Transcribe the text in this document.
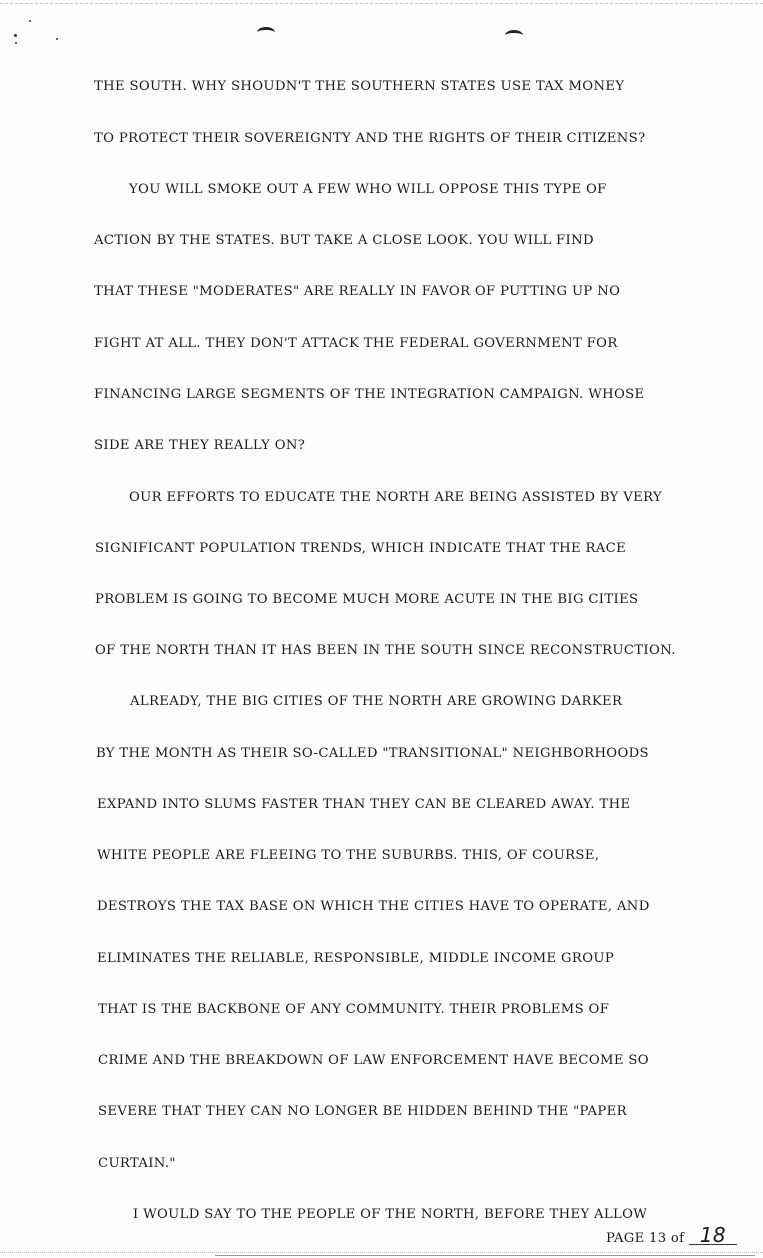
THE SOUTH. WHY SHOUDN'T THE SOUTHERN STATES USE TAX MONEY
TO PROTECT THEIR SOVEREIGNTY AND THE RIGHTS OF THEIR CITIZENS?
YOU WILL SMOKE OUT A FEW WHO WILL OPPOSE THIS TYPE OF
ACTION BY THE STATES. BUT TAKE A CLOSE LOOK. YOU WILL FIND
THAT THESE "MODERATES" ARE REALLY IN FAVOR OF PUTTING UP NO
FIGHT AT ALL. THEY DON'T ATTACK THE FEDERAL GOVERNMENT FOR
FINANCING LARGE SEGMENTS OF THE INTEGRATION CAMPAIGN. WHOSE
SIDE ARE THEY REALLY ON?
OUR EFFORTS TO EDUCATE THE NORTH ARE BEING ASSISTED BY VERY
SIGNIFICANT POPULATION TRENDS, WHICH INDICATE THAT THE RACE
PROBLEM IS GOING TO BECOME MUCH MORE ACUTE IN THE BIG CITIES
OF THE NORTH THAN IT HAS BEEN IN THE SOUTH SINCE RECONSTRUCTION.
ALREADY, THE BIG CITIES OF THE NORTH ARE GROWING DARKER
BY THE MONTH AS THEIR SO-CALLED "TRANSITIONAL" NEIGHBORHOODS
EXPAND INTO SLUMS FASTER THAN THEY CAN BE CLEARED AWAY. THE
WHITE PEOPLE ARE FLEEING TO THE SUBURBS. THIS, OF COURSE,
DESTROYS THE TAX BASE ON WHICH THE CITIES HAVE TO OPERATE, AND
ELIMINATES THE RELIABLE, RESPONSIBLE, MIDDLE INCOME GROUP
THAT IS THE BACKBONE OF ANY COMMUNITY. THEIR PROBLEMS OF
CRIME AND THE BREAKDOWN OF LAW ENFORCEMENT HAVE BECOME SO
SEVERE THAT THEY CAN NO LONGER BE HIDDEN BEHIND THE "PAPER
CURTAIN."
I WOULD SAY TO THE PEOPLE OF THE NORTH, BEFORE THEY ALLOW
PAGE 13 of 18
